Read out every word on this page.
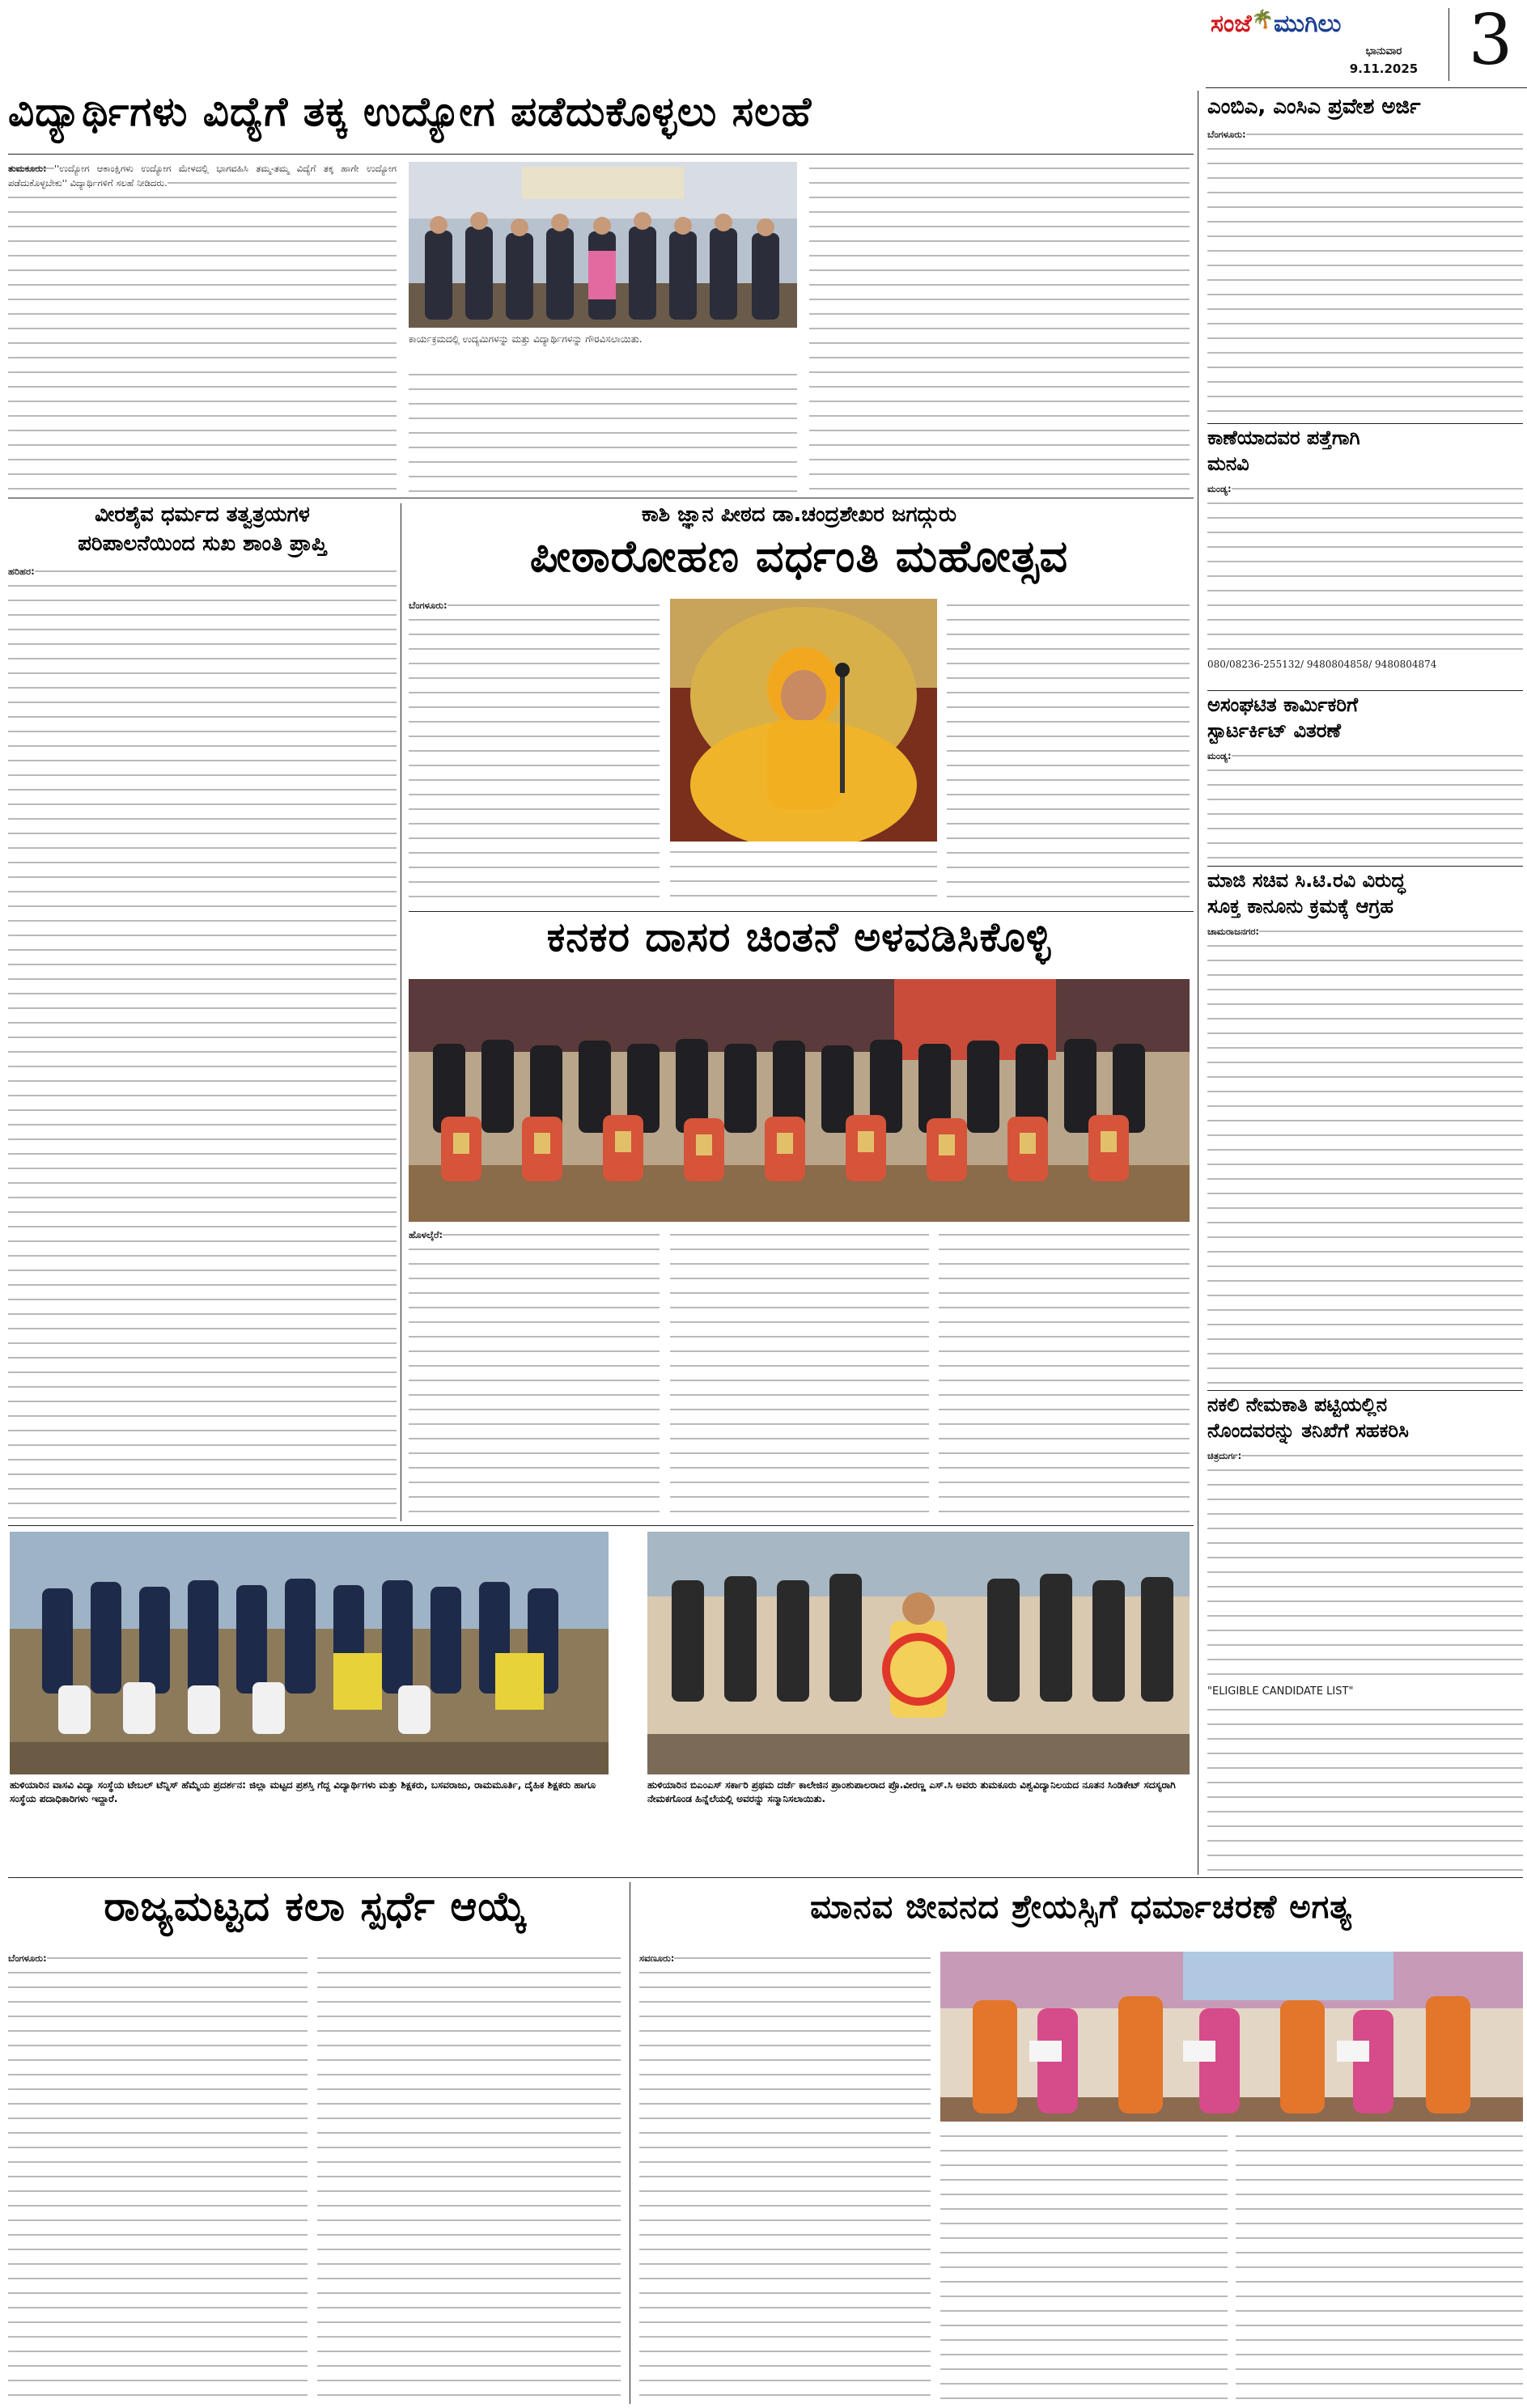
ಸಂಜೆ🌴ಮುಗಿಲು
ಭಾನುವಾರ
9.11.2025 3
ವಿದ್ಯಾರ್ಥಿಗಳು ವಿದ್ಯೆಗೆ ತಕ್ಕ ಉದ್ಯೋಗ ಪಡೆದುಕೊಳ್ಳಲು ಸಲಹೆ
ತುಮಕೂರು: ''ಉದ್ಯೋಗ ಆಕಾಂಕ್ಷಿಗಳು ಉದ್ಯೋಗ ಮೇಳದಲ್ಲಿ ಭಾಗವಹಿಸಿ ತಮ್ಮ-ತಮ್ಮ ವಿದ್ಯೆಗೆ ತಕ್ಕ ಹಾಗೇ ಉದ್ಯೋಗ ಪಡೆದುಕೊಳ್ಳಬೇಕು'' ವಿದ್ಯಾರ್ಥಿಗಳಿಗೆ ಸಲಹೆ ನೀಡಿದರು.
ಕಾರ್ಯಕ್ರಮದಲ್ಲಿ ಉದ್ಯಮಿಗಳನ್ನು ಮತ್ತು ವಿದ್ಯಾರ್ಥಿಗಳನ್ನು ಗೌರವಿಸಲಾಯಿತು.
ಎಂಬಿಎ, ಎಂಸಿಎ ಪ್ರವೇಶ ಅರ್ಜಿ
ಬೆಂಗಳೂರು:
ಕಾಣೆಯಾದವರ ಪತ್ತೆಗಾಗಿ
ಮನವಿ
ಮಂಡ್ಯ:
080/08236-255132/ 9480804858/ 9480804874
ಅಸಂಘಟಿತ ಕಾರ್ಮಿಕರಿಗೆ
ಸ್ಟಾರ್ಟರ್ಕಿಟ್ ವಿತರಣೆ
ಮಂಡ್ಯ:
ಮಾಜಿ ಸಚಿವ ಸಿ.ಟಿ.ರವಿ ವಿರುದ್ಧ
ಸೂಕ್ತ ಕಾನೂನು ಕ್ರಮಕ್ಕೆ ಆಗ್ರಹ
ಚಾಮರಾಜನಗರ:
ನಕಲಿ ನೇಮಕಾತಿ ಪಟ್ಟಿಯಲ್ಲಿನ
ನೊಂದವರನ್ನು ತನಿಖೆಗೆ ಸಹಕರಿಸಿ
ಚಿತ್ರದುರ್ಗ:
"ELIGIBLE CANDIDATE LIST"
ವೀರಶೈವ ಧರ್ಮದ ತತ್ವತ್ರಯಗಳ
ಪರಿಪಾಲನೆಯಿಂದ ಸುಖ ಶಾಂತಿ ಪ್ರಾಪ್ತಿ
ಹರಿಹರ:
ಕಾಶಿ ಜ್ಞಾನ ಪೀಠದ ಡಾ.ಚಂದ್ರಶೇಖರ ಜಗದ್ಗುರು
ಪೀಠಾರೋಹಣ ವರ್ಧಂತಿ ಮಹೋತ್ಸವ
ಬೆಂಗಳೂರು:
ಕನಕರ ದಾಸರ ಚಿಂತನೆ ಅಳವಡಿಸಿಕೊಳ್ಳಿ
ಹೊಳಲ್ಕೆರೆ:
ಹುಳಿಯಾರಿನ ವಾಸವಿ ವಿದ್ಯಾ ಸಂಸ್ಥೆಯ ಟೇಬಲ್ ಟೆನ್ನಿಸ್ ಹೆಮ್ಮೆಯ ಪ್ರದರ್ಶನ: ಜಿಲ್ಲಾ ಮಟ್ಟದ ಪ್ರಶಸ್ತಿ ಗೆದ್ದ ವಿದ್ಯಾರ್ಥಿಗಳು ಮತ್ತು ಶಿಕ್ಷಕರು, ಬಸವರಾಜು, ರಾಮಮೂರ್ತಿ, ದೈಹಿಕ ಶಿಕ್ಷಕರು ಹಾಗೂ ಸಂಸ್ಥೆಯ ಪದಾಧಿಕಾರಿಗಳು ಇದ್ದಾರೆ.
ಹುಳಿಯಾರಿನ ಬಿಎಂಎಸ್ ಸರ್ಕಾರಿ ಪ್ರಥಮ ದರ್ಜೆ ಕಾಲೇಜಿನ ಪ್ರಾಂಶುಪಾಲರಾದ ಪ್ರೊ.ವೀರಣ್ಣ ಎಸ್.ಸಿ ಅವರು ತುಮಕೂರು ವಿಶ್ವವಿದ್ಯಾನಿಲಯದ ನೂತನ ಸಿಂಡಿಕೇಟ್ ಸದಸ್ಯರಾಗಿ ನೇಮಕಗೊಂಡ ಹಿನ್ನೆಲೆಯಲ್ಲಿ ಅವರನ್ನು ಸನ್ಮಾನಿಸಲಾಯಿತು.
ರಾಜ್ಯಮಟ್ಟದ ಕಲಾ ಸ್ಪರ್ಧೆ ಆಯ್ಕೆ
ಬೆಂಗಳೂರು:
ಮಾನವ ಜೀವನದ ಶ್ರೇಯಸ್ಸಿಗೆ ಧರ್ಮಾಚರಣೆ ಅಗತ್ಯ
ಸವಣೂರು:
